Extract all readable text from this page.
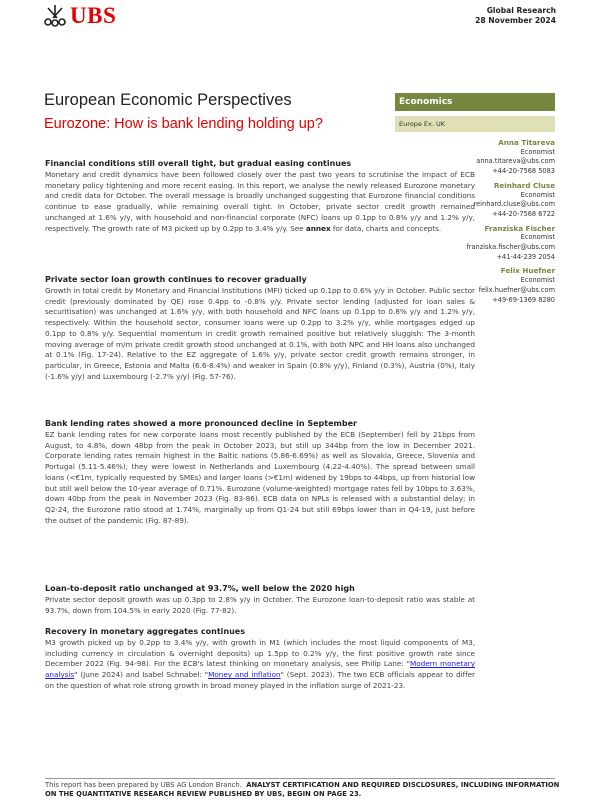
UBS	Global Research
28 November 2024
European Economic Perspectives
Eurozone: How is bank lending holding up?
Economics
Europe Ex. UK
Anna Titareva
Economist
anna.titareva@ubs.com
+44-20-7568 5083
Reinhard Cluse
Economist
reinhard.cluse@ubs.com
+44-20-7568 6722
Franziska Fischer
Economist
franziska.fischer@ubs.com
+41-44-239 2054
Felix Huefner
Economist
felix.huefner@ubs.com
+49-69-1369 8280
Financial conditions still overall tight, but gradual easing continues

Monetary and credit dynamics have been followed closely over the past two years to scrutinise the impact of ECB monetary policy tightening and more recent easing. In this report, we analyse the newly released Eurozone monetary and credit data for October. The overall message is broadly unchanged suggesting that Eurozone financial conditions continue to ease gradually, while remaining overall tight. In October, private sector credit growth remained unchanged at 1.6% y/y, with household and non-financial corporate (NFC) loans up 0.1pp to 0.8% y/y and 1.2% y/y, respectively. The growth rate of M3 picked up by 0.2pp to 3.4% y/y. See annex for data, charts and concepts.

Private sector loan growth continues to recover gradually

Growth in total credit by Monetary and Financial Institutions (MFI) ticked up 0.1pp to 0.6% y/y in October. Public sector credit (previously dominated by QE) rose 0.4pp to -0.8% y/y. Private sector lending (adjusted for loan sales & securitisation) was unchanged at 1.6% y/y, with both household and NFC loans up 0.1pp to 0.8% y/y and 1.2% y/y, respectively. Within the household sector, consumer loans were up 0.2pp to 3.2% y/y, while mortgages edged up 0.1pp to 0.8% y/y. Sequential momentum in credit growth remained positive but relatively sluggish: The 3-month moving average of m/m private credit growth stood unchanged at 0.1%, with both NPC and HH loans also unchanged at 0.1% (Fig. 17-24). Relative to the EZ aggregate of 1.6% y/y, private sector credit growth remains stronger, in particular, in Greece, Estonia and Malta (6.6-8.4%) and weaker in Spain (0.8% y/y), Finland (0.3%), Austria (0%), Italy (-1.6% y/y) and Luxembourg (-2.7% y/y) (Fig. 57-76).

Bank lending rates showed a more pronounced decline in September

EZ bank lending rates for new corporate loans most recently published by the ECB (September) fell by 21bps from August, to 4.8%, down 48bp from the peak in October 2023, but still up 344bp from the low in December 2021. Corporate lending rates remain highest in the Baltic nations (5.86-6.69%) as well as Slovakia, Greece, Slovenia and Portugal (5.11-5.46%); they were lowest in Netherlands and Luxembourg (4.22-4.40%). The spread between small loans (<€1m, typically requested by SMEs) and larger loans (>€1m) widened by 19bps to 44bps, up from historial low but still well below the 10-year average of 0.71%. Eurozone (volume-weighted) mortgage rates fell by 10bps to 3.63%, down 40bp from the peak in November 2023 (Fig. 83-86). ECB data on NPLs is released with a substantial delay; in Q2-24, the Eurozone ratio stood at 1.74%, marginally up from Q1-24 but still 69bps lower than in Q4-19, just before the outset of the pandemic (Fig. 87-89).

Loan-to-deposit ratio unchanged at 93.7%, well below the 2020 high

Private sector deposit growth was up 0.3pp to 2.8% y/y in October. The Eurozone loan-to-deposit ratio was stable at 93.7%, down from 104.5% in early 2020 (Fig. 77-82).

Recovery in monetary aggregates continues

M3 growth picked up by 0.2pp to 3.4% y/y, with growth in M1 (which includes the most liquid components of M3, including currency in circulation & overnight deposits) up 1.5pp to 0.2% y/y, the first positive growth rate since December 2022 (Fig. 94-98). For the ECB's latest thinking on monetary analysis, see Philip Lane: "Modern monetary analysis" (June 2024) and Isabel Schnabel: "Money and inflation" (Sept. 2023). The two ECB officials appear to differ on the question of what role strong growth in broad money played in the inflation surge of 2021-23.

This report has been prepared by UBS AG London Branch. ANALYST CERTIFICATION AND REQUIRED DISCLOSURES, INCLUDING INFORMATION ON THE QUANTITATIVE RESEARCH REVIEW PUBLISHED BY UBS, BEGIN ON PAGE 23.
